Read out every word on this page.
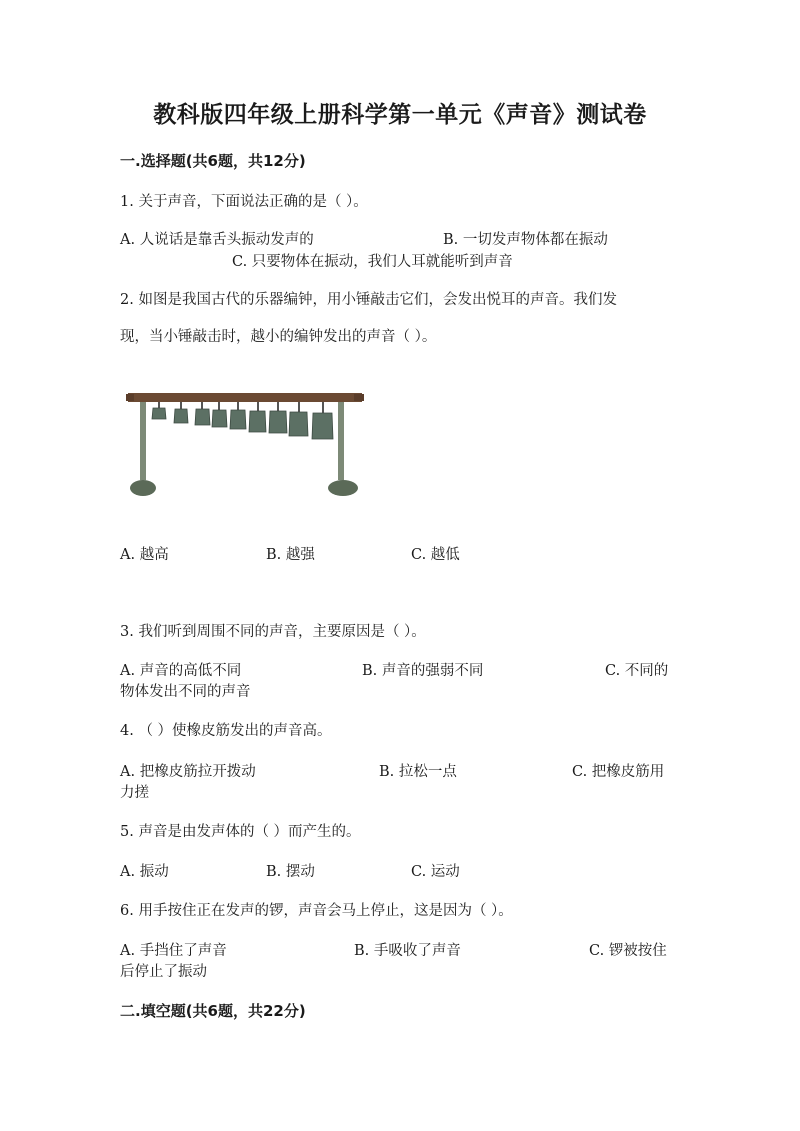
教科版四年级上册科学第一单元《声音》测试卷
一.选择题(共6题，共12分)
1. 关于声音，下面说法正确的是（ ）。
A. 人说话是靠舌头振动发声的	B. 一切发声物体都在振动
C. 只要物体在振动，我们人耳就能听到声音
2. 如图是我国古代的乐器编钟，用小锤敲击它们，会发出悦耳的声音。我们发
现，当小锤敲击时，越小的编钟发出的声音（ ）。
A. 越高	B. 越强	C. 越低
3. 我们听到周围不同的声音，主要原因是（ ）。
A. 声音的高低不同	B. 声音的强弱不同	C. 不同的
物体发出不同的声音
4. （ ）使橡皮筋发出的声音高。
A. 把橡皮筋拉开拨动	B. 拉松一点	C. 把橡皮筋用
力搓
5. 声音是由发声体的（ ）而产生的。
A. 振动	B. 摆动	C. 运动
6. 用手按住正在发声的锣，声音会马上停止，这是因为（ ）。
A. 手挡住了声音	B. 手吸收了声音	C. 锣被按住
后停止了振动
二.填空题(共6题，共22分)
